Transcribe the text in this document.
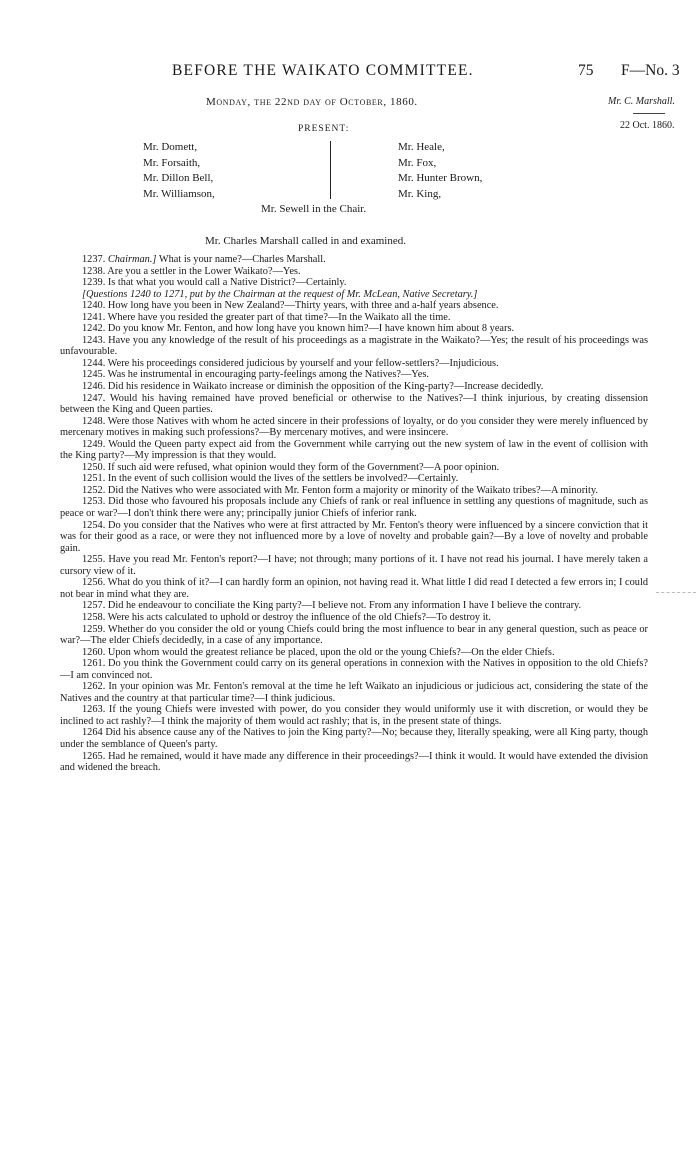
BEFORE THE WAIKATO COMMITTEE.	75 F—No. 3
Monday, the 22nd day of October, 1860.	Mr. C. Marshall.
22 Oct. 1860.
PRESENT:
Mr. Domett,
Mr. Forsaith,
Mr. Dillon Bell,
Mr. Williamson,
Mr. Heale,
Mr. Fox,
Mr. Hunter Brown,
Mr. King,
Mr. Sewell in the Chair.
Mr. Charles Marshall called in and examined.

1237. Chairman.] What is your name?—Charles Marshall.

1238. Are you a settler in the Lower Waikato?—Yes.

1239. Is that what you would call a Native District?—Certainly.

[Questions 1240 to 1271, put by the Chairman at the request of Mr. McLean, Native Secretary.]

1240. How long have you been in New Zealand?—Thirty years, with three and a-half years absence.

1241. Where have you resided the greater part of that time?—In the Waikato all the time.

1242. Do you know Mr. Fenton, and how long have you known him?—I have known him about 8 years.

1243. Have you any knowledge of the result of his proceedings as a magistrate in the Waikato?—Yes; the result of his proceedings was unfavourable.

1244. Were his proceedings considered judicious by yourself and your fellow-settlers?—Injudicious.

1245. Was he instrumental in encouraging party-feelings among the Natives?—Yes.

1246. Did his residence in Waikato increase or diminish the opposition of the King-party?—Increase decidedly.

1247. Would his having remained have proved beneficial or otherwise to the Natives?—I think injurious, by creating dissension between the King and Queen parties.

1248. Were those Natives with whom he acted sincere in their professions of loyalty, or do you consider they were merely influenced by mercenary motives in making such professions?—By mercenary motives, and were insincere.

1249. Would the Queen party expect aid from the Government while carrying out the new system of law in the event of collision with the King party?—My impression is that they would.

1250. If such aid were refused, what opinion would they form of the Government?—A poor opinion.

1251. In the event of such collision would the lives of the settlers be involved?—Certainly.

1252. Did the Natives who were associated with Mr. Fenton form a majority or minority of the Waikato tribes?—A minority.

1253. Did those who favoured his proposals include any Chiefs of rank or real influence in settling any questions of magnitude, such as peace or war?—I don't think there were any; principally junior Chiefs of inferior rank.

1254. Do you consider that the Natives who were at first attracted by Mr. Fenton's theory were influenced by a sincere conviction that it was for their good as a race, or were they not influenced more by a love of novelty and probable gain?—By a love of novelty and probable gain.

1255. Have you read Mr. Fenton's report?—I have; not through; many portions of it. I have not read his journal. I have merely taken a cursory view of it.

1256. What do you think of it?—I can hardly form an opinion, not having read it. What little I did read I detected a few errors in; I could not bear in mind what they are.

1257. Did he endeavour to conciliate the King party?—I believe not. From any information I have I believe the contrary.

1258. Were his acts calculated to uphold or destroy the influence of the old Chiefs?—To destroy it.

1259. Whether do you consider the old or young Chiefs could bring the most influence to bear in any general question, such as peace or war?—The elder Chiefs decidedly, in a case of any importance.

1260. Upon whom would the greatest reliance be placed, upon the old or the young Chiefs?—On the elder Chiefs.

1261. Do you think the Government could carry on its general operations in connexion with the Natives in opposition to the old Chiefs?—I am convinced not.

1262. In your opinion was Mr. Fenton's removal at the time he left Waikato an injudicious or judicious act, considering the state of the Natives and the country at that particular time?—I think judicious.

1263. If the young Chiefs were invested with power, do you consider they would uniformly use it with discretion, or would they be inclined to act rashly?—I think the majority of them would act rashly; that is, in the present state of things.

1264 Did his absence cause any of the Natives to join the King party?—No; because they, literally speaking, were all King party, though under the semblance of Queen's party.

1265. Had he remained, would it have made any difference in their proceedings?—I think it would. It would have extended the division and widened the breach.
